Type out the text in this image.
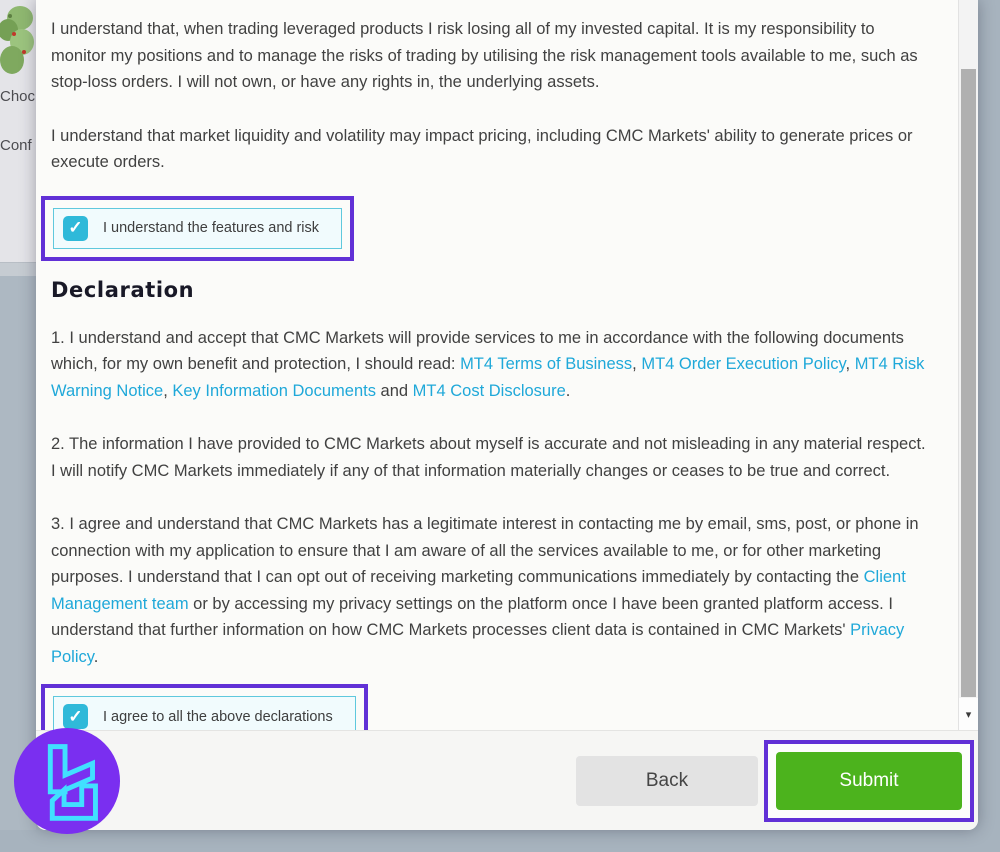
Choc
Conf

I understand that, when trading leveraged products I risk losing all of my invested capital. It is my responsibility to monitor my positions and to manage the risks of trading by utilising the risk management tools available to me, such as stop-loss orders. I will not own, or have any rights in, the underlying assets.

I understand that market liquidity and volatility may impact pricing, including CMC Markets' ability to generate prices or execute orders.

✓ I understand the features and risk
Declaration

1. I understand and accept that CMC Markets will provide services to me in accordance with the following documents which, for my own benefit and protection, I should read: MT4 Terms of Business, MT4 Order Execution Policy, MT4 Risk Warning Notice, Key Information Documents and MT4 Cost Disclosure.

2. The information I have provided to CMC Markets about myself is accurate and not misleading in any material respect. I will notify CMC Markets immediately if any of that information materially changes or ceases to be true and correct.

3. I agree and understand that CMC Markets has a legitimate interest in contacting me by email, sms, post, or phone in connection with my application to ensure that I am aware of all the services available to me, or for other marketing purposes. I understand that I can opt out of receiving marketing communications immediately by contacting the Client Management team or by accessing my privacy settings on the platform once I have been granted platform access. I understand that further information on how CMC Markets processes client data is contained in CMC Markets' Privacy Policy.

✓ I agree to all the above declarations	▾
Back	Submit
